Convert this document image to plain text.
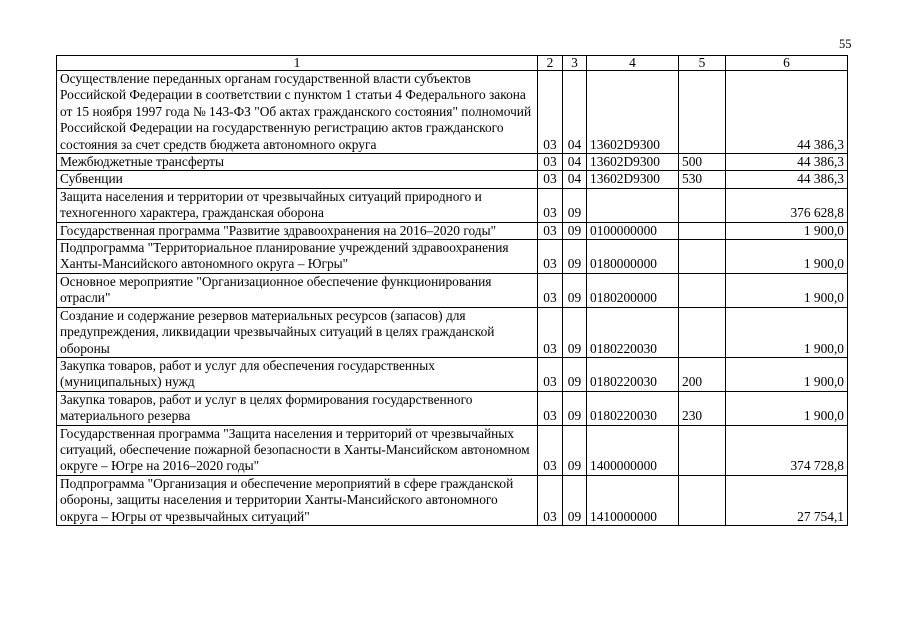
55
1	2	3	4	5	6
Осуществление переданных органам государственной власти субъектов Российской Федерации в соответствии с пунктом 1 статьи 4 Федерального закона от 15 ноября 1997 года № 143-ФЗ "Об актах гражданского состояния" полномочий Российской Федерации на государственную регистрацию актов гражданского состояния за счет средств бюджета автономного округа	03	04	13602D9300		44 386,3
Межбюджетные трансферты	03	04	13602D9300	500	44 386,3
Субвенции	03	04	13602D9300	530	44 386,3
Защита населения и территории от чрезвычайных ситуаций природного и техногенного характера, гражданская оборона	03	09			376 628,8
Государственная программа "Развитие здравоохранения на 2016–2020 годы"	03	09	0100000000		1 900,0
Подпрограмма "Территориальное планирование учреждений здравоохранения Ханты-Мансийского автономного округа – Югры"	03	09	0180000000		1 900,0
Основное мероприятие "Организационное обеспечение функционирования отрасли"	03	09	0180200000		1 900,0
Создание и содержание резервов материальных ресурсов (запасов) для предупреждения, ликвидации чрезвычайных ситуаций в целях гражданской обороны	03	09	0180220030		1 900,0
Закупка товаров, работ и услуг для обеспечения государственных (муниципальных) нужд	03	09	0180220030	200	1 900,0
Закупка товаров, работ и услуг в целях формирования государственного материального резерва	03	09	0180220030	230	1 900,0
Государственная программа "Защита населения и территорий от чрезвычайных ситуаций, обеспечение пожарной безопасности в Ханты-Мансийском автономном округе – Югре на 2016–2020 годы"	03	09	1400000000		374 728,8
Подпрограмма "Организация и обеспечение мероприятий в сфере гражданской обороны, защиты населения и территории Ханты-Мансийского автономного округа – Югры от чрезвычайных ситуаций"	03	09	1410000000		27 754,1
